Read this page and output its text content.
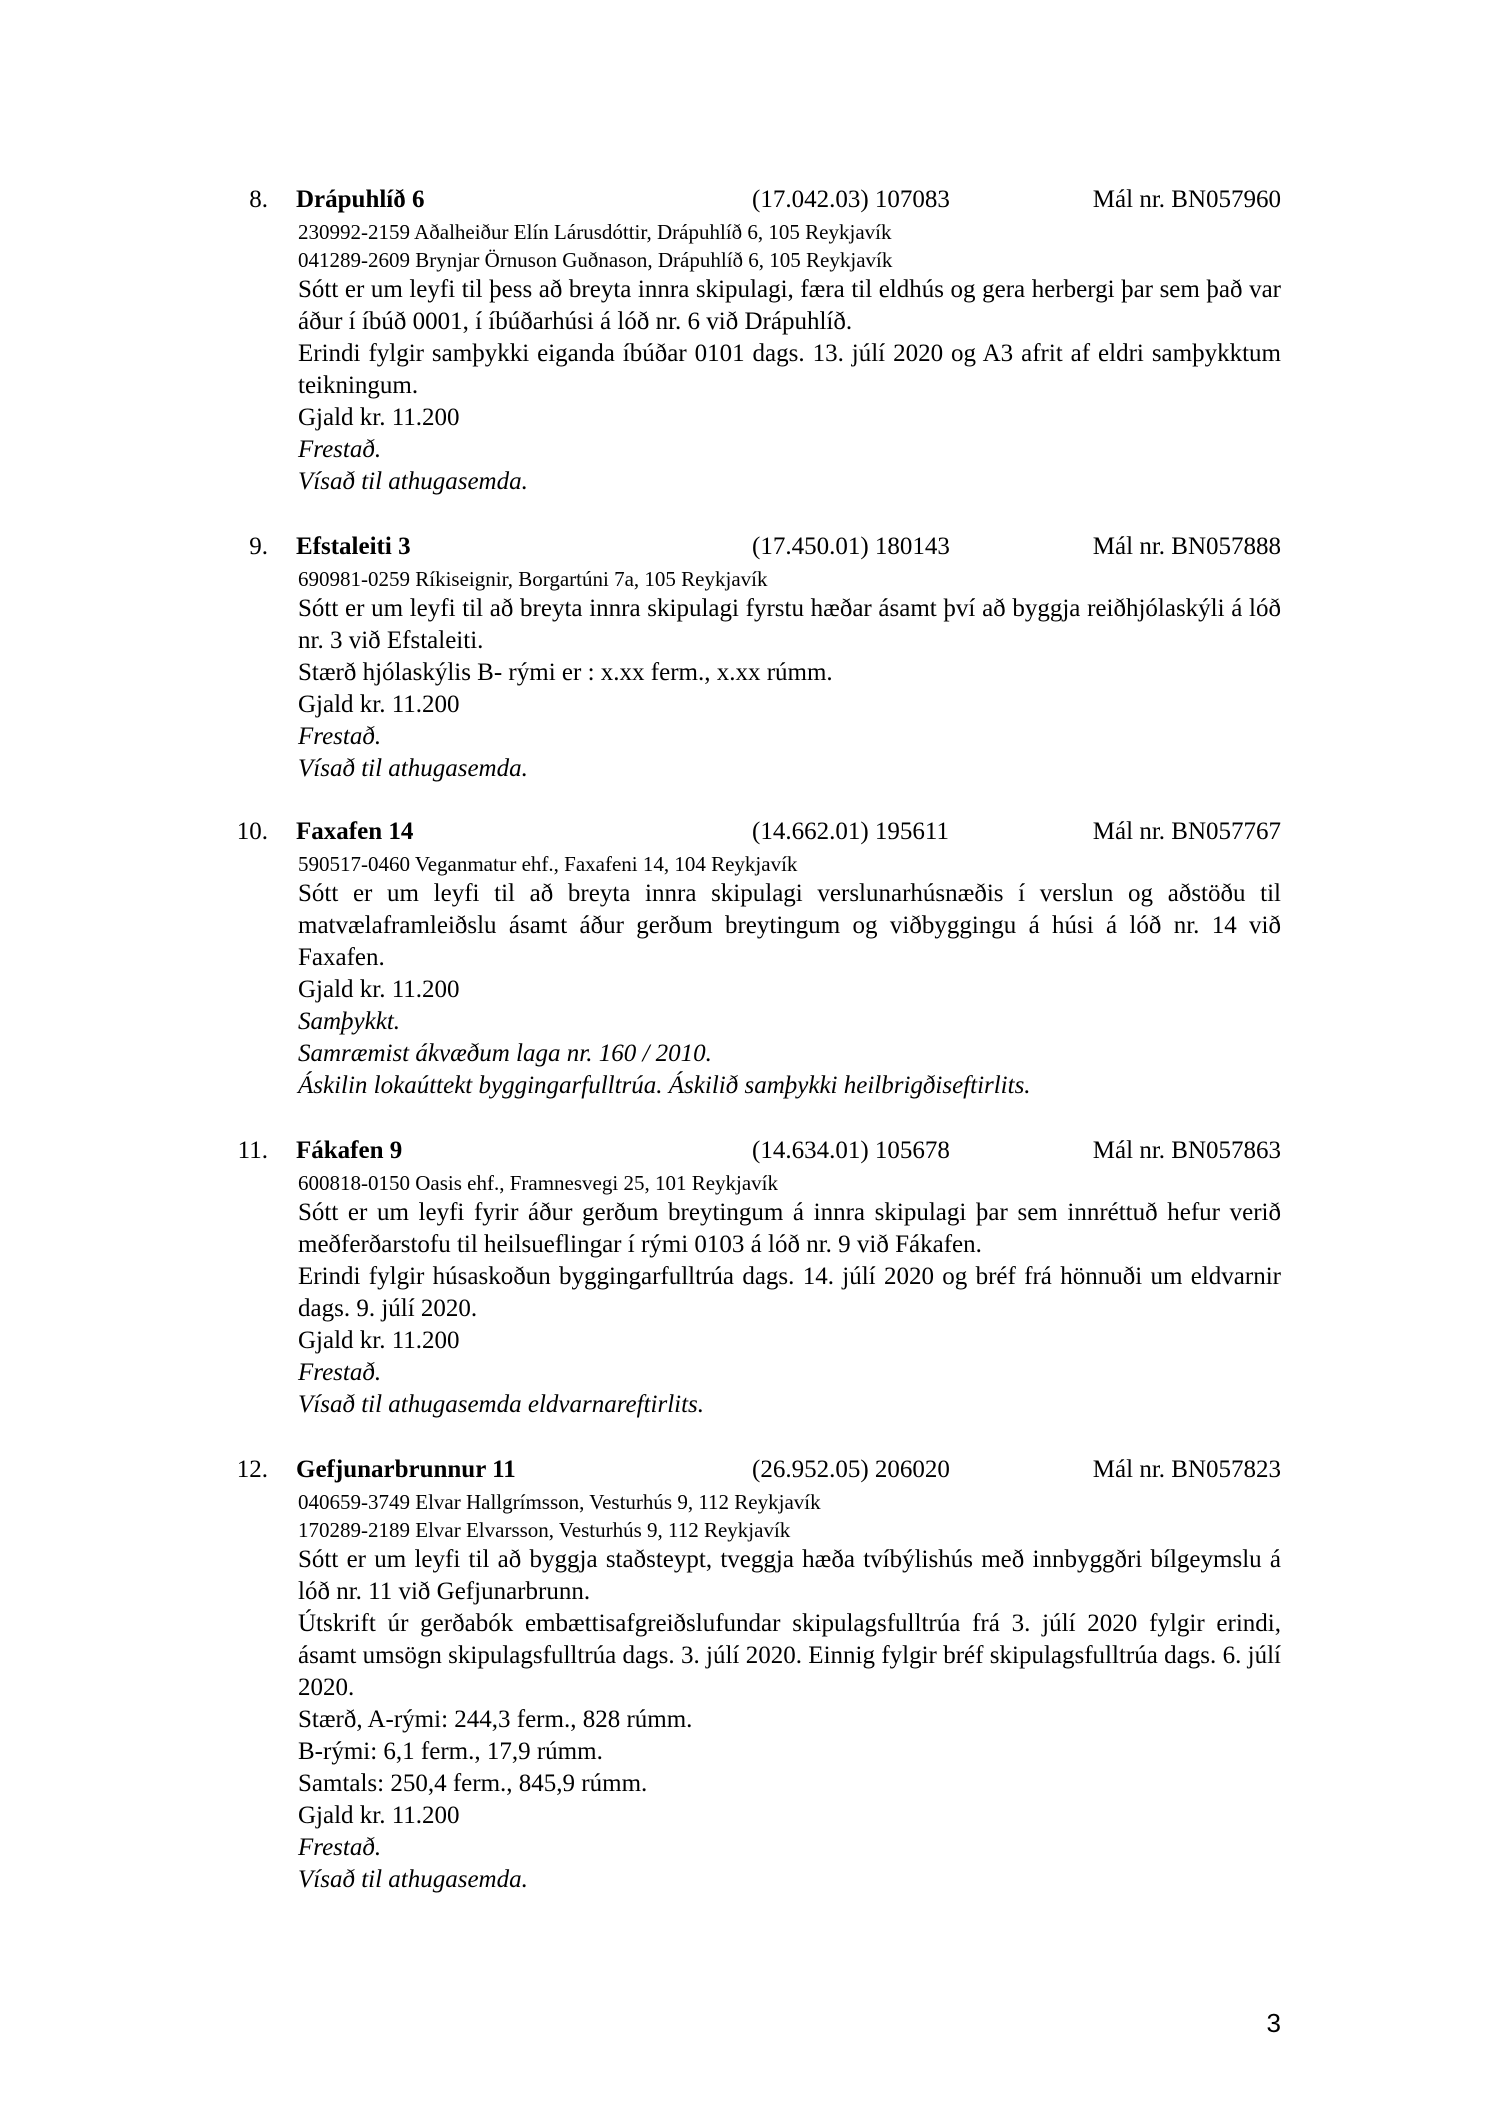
8. Drápuhlíð 6	(17.042.03) 107083	Mál nr. BN057960
230992-2159 Aðalheiður Elín Lárusdóttir, Drápuhlíð 6, 105 Reykjavík
041289-2609 Brynjar Örnuson Guðnason, Drápuhlíð 6, 105 Reykjavík
Sótt er um leyfi til þess að breyta innra skipulagi, færa til eldhús og gera herbergi þar sem það var áður í íbúð 0001, í íbúðarhúsi á lóð nr. 6 við Drápuhlíð.
Erindi fylgir samþykki eiganda íbúðar 0101 dags. 13. júlí 2020 og A3 afrit af eldri samþykktum teikningum.
Gjald kr. 11.200
Frestað.
Vísað til athugasemda.
9. Efstaleiti 3	(17.450.01) 180143	Mál nr. BN057888
690981-0259 Ríkiseignir, Borgartúni 7a, 105 Reykjavík
Sótt er um leyfi til að breyta innra skipulagi fyrstu hæðar ásamt því að byggja reiðhjólaskýli á lóð nr. 3 við Efstaleiti.
Stærð hjólaskýlis B- rými er : x.xx ferm., x.xx rúmm.
Gjald kr. 11.200
Frestað.
Vísað til athugasemda.
10. Faxafen 14	(14.662.01) 195611	Mál nr. BN057767
590517-0460 Veganmatur ehf., Faxafeni 14, 104 Reykjavík
Sótt er um leyfi til að breyta innra skipulagi verslunarhúsnæðis í verslun og aðstöðu til matvælaframleiðslu ásamt áður gerðum breytingum og viðbyggingu á húsi á lóð nr. 14 við Faxafen.
Gjald kr. 11.200
Samþykkt.
Samræmist ákvæðum laga nr. 160 / 2010.
Áskilin lokaúttekt byggingarfulltrúa. Áskilið samþykki heilbrigðiseftirlits.
11. Fákafen 9	(14.634.01) 105678	Mál nr. BN057863
600818-0150 Oasis ehf., Framnesvegi 25, 101 Reykjavík
Sótt er um leyfi fyrir áður gerðum breytingum á innra skipulagi þar sem innréttuð hefur verið meðferðarstofu til heilsueflingar í rými 0103 á lóð nr. 9 við Fákafen.
Erindi fylgir húsaskoðun byggingarfulltrúa dags. 14. júlí 2020 og bréf frá hönnuði um eldvarnir dags. 9. júlí 2020.
Gjald kr. 11.200
Frestað.
Vísað til athugasemda eldvarnareftirlits.
12. Gefjunarbrunnur 11	(26.952.05) 206020	Mál nr. BN057823
040659-3749 Elvar Hallgrímsson, Vesturhús 9, 112 Reykjavík
170289-2189 Elvar Elvarsson, Vesturhús 9, 112 Reykjavík
Sótt er um leyfi til að byggja staðsteypt, tveggja hæða tvíbýlishús með innbyggðri bílgeymslu á lóð nr. 11 við Gefjunarbrunn.
Útskrift úr gerðabók embættisafgreiðslufundar skipulagsfulltrúa frá 3. júlí 2020 fylgir erindi, ásamt umsögn skipulagsfulltrúa dags. 3. júlí 2020. Einnig fylgir bréf skipulagsfulltrúa dags. 6. júlí 2020.
Stærð, A-rými: 244,3 ferm., 828 rúmm.
B-rými: 6,1 ferm., 17,9 rúmm.
Samtals: 250,4 ferm., 845,9 rúmm.
Gjald kr. 11.200
Frestað.
Vísað til athugasemda.
3
